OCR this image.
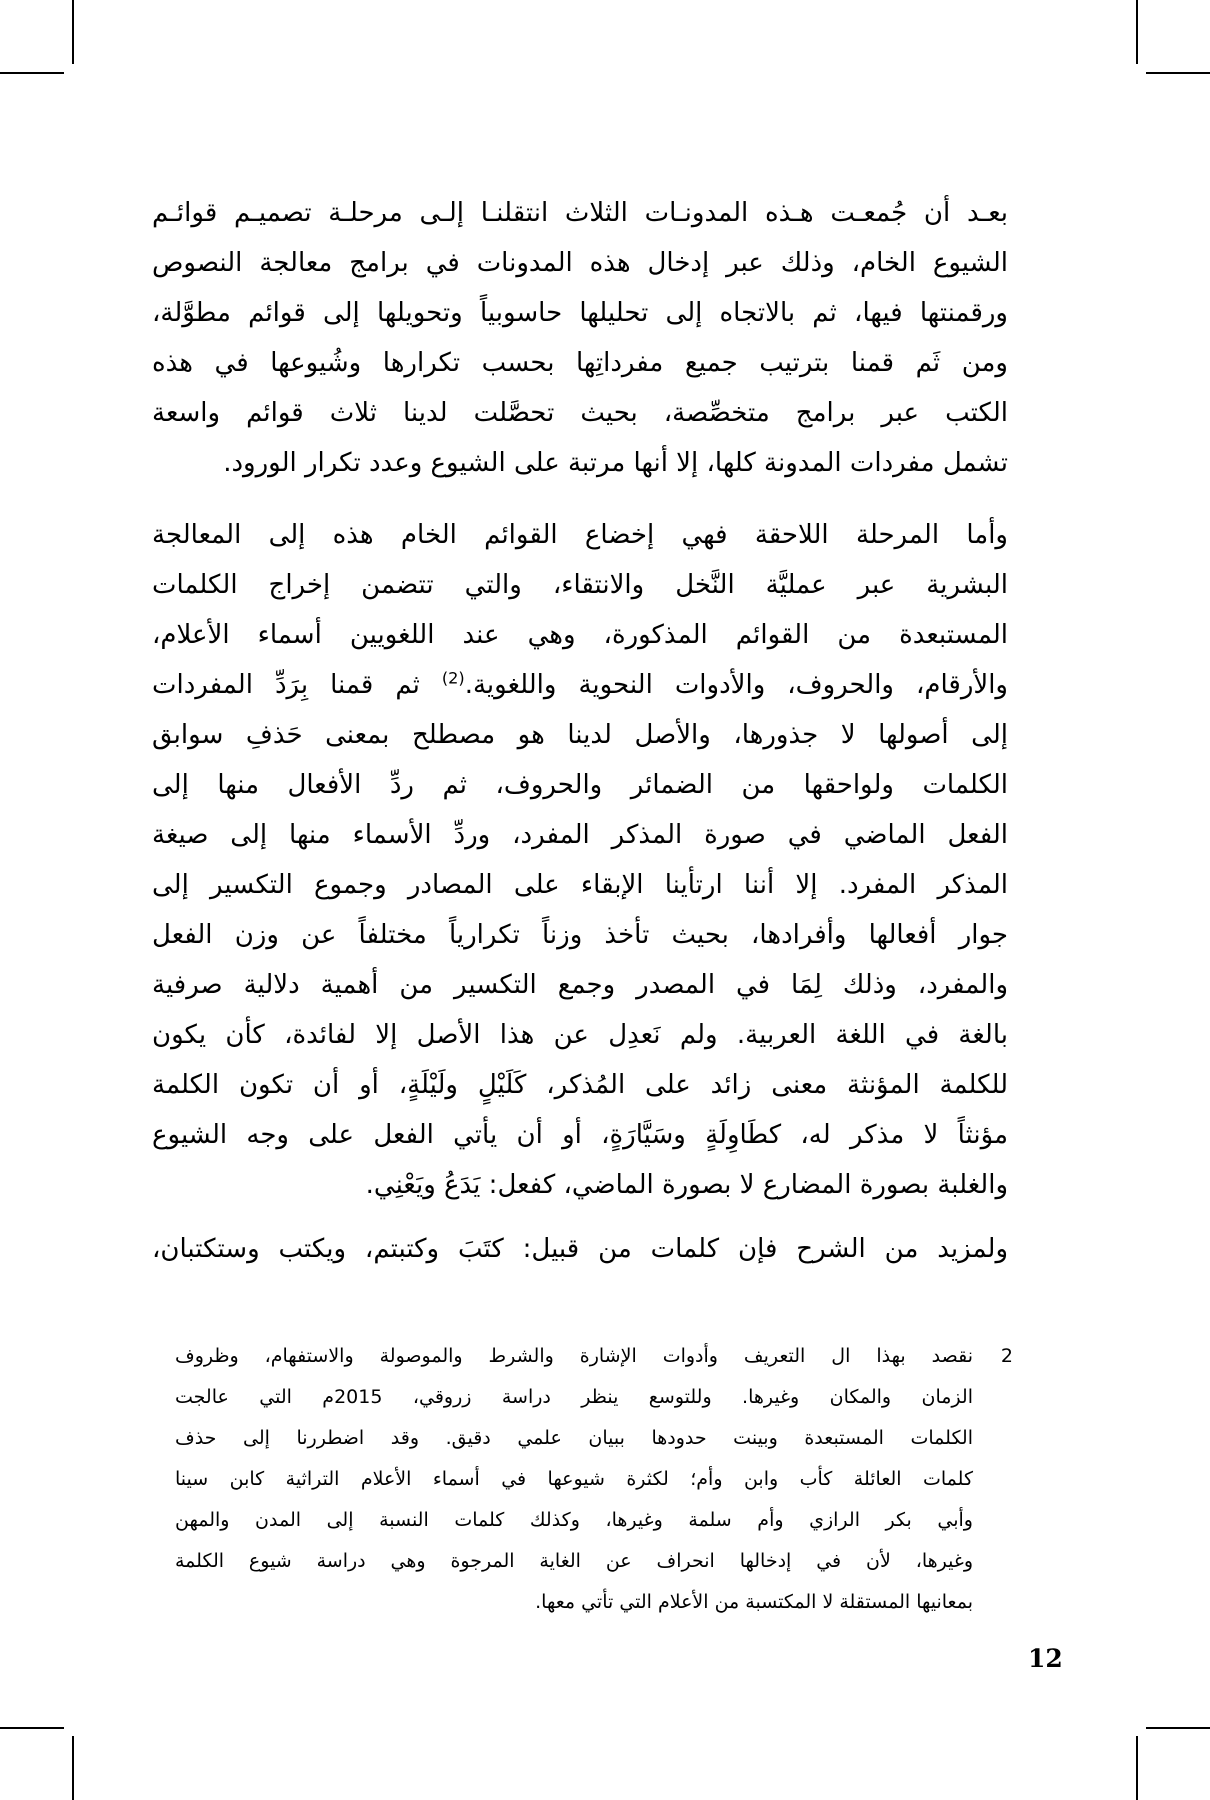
بعـد أن جُمعـت هـذه المدونـات الثلاث انتقلنـا إلـى مرحلـة تصميـم قوائـم
الشيوع الخام، وذلك عبر إدخال هذه المدونات في برامج معالجة النصوص
ورقمنتها فيها، ثم بالاتجاه إلى تحليلها حاسوبياً وتحويلها إلى قوائم مطوَّلة،
ومن ثَم قمنا بترتيب جميع مفرداتِها بحسب تكرارها وشُيوعها في هذه
الكتب عبر برامج متخصِّصة، بحيث تحصَّلت لدينا ثلاث قوائم واسعة
تشمل مفردات المدونة كلها، إلا أنها مرتبة على الشيوع وعدد تكرار الورود.
وأما المرحلة اللاحقة فهي إخضاع القوائم الخام هذه إلى المعالجة
البشرية عبر عمليَّة النَّخل والانتقاء، والتي تتضمن إخراج الكلمات
المستبعدة من القوائم المذكورة، وهي عند اللغويين أسماء الأعلام،
والأرقام، والحروف، والأدوات النحوية واللغوية.$^{(2)}$ ثم قمنا بِرَدِّ المفردات
إلى أصولها لا جذورها، والأصل لدينا هو مصطلح بمعنى حَذفِ سوابق
الكلمات ولواحقها من الضمائر والحروف، ثم ردِّ الأفعال منها إلى
الفعل الماضي في صورة المذكر المفرد، وردِّ الأسماء منها إلى صيغة
المذكر المفرد. إلا أننا ارتأينا الإبقاء على المصادر وجموع التكسير إلى
جوار أفعالها وأفرادها، بحيث تأخذ وزناً تكرارياً مختلفاً عن وزن الفعل
والمفرد، وذلك لِمَا في المصدر وجمع التكسير من أهمية دلالية صرفية
بالغة في اللغة العربية. ولم نَعدِل عن هذا الأصل إلا لفائدة، كأن يكون
للكلمة المؤنثة معنى زائد على المُذكر، كَلَيْلٍ ولَيْلَةٍ، أو أن تكون الكلمة
مؤنثاً لا مذكر له، كطَاوِلَةٍ وسَيَّارَةٍ، أو أن يأتي الفعل على وجه الشيوع
والغلبة بصورة المضارع لا بصورة الماضي، كفعل: يَدَعُ ويَعْنِي.
ولمزيد من الشرح فإن كلمات من قبيل: كتَبَ وكتبتم، ويكتب وستكتبان،
نقصد بهذا ال التعريف وأدوات الإشارة والشرط والموصولة والاستفهام، وظروف 2
الزمان والمكان وغيرها. وللتوسع ينظر دراسة زروقي، 2015م التي عالجت
الكلمات المستبعدة وبينت حدودها ببيان علمي دقيق. وقد اضطررنا إلى حذف
كلمات العائلة كأب وابن وأم؛ لكثرة شيوعها في أسماء الأعلام التراثية كابن سينا
وأبي بكر الرازي وأم سلمة وغيرها، وكذلك كلمات النسبة إلى المدن والمهن
وغيرها، لأن في إدخالها انحراف عن الغاية المرجوة وهي دراسة شيوع الكلمة
بمعانيها المستقلة لا المكتسبة من الأعلام التي تأتي معها.
12
